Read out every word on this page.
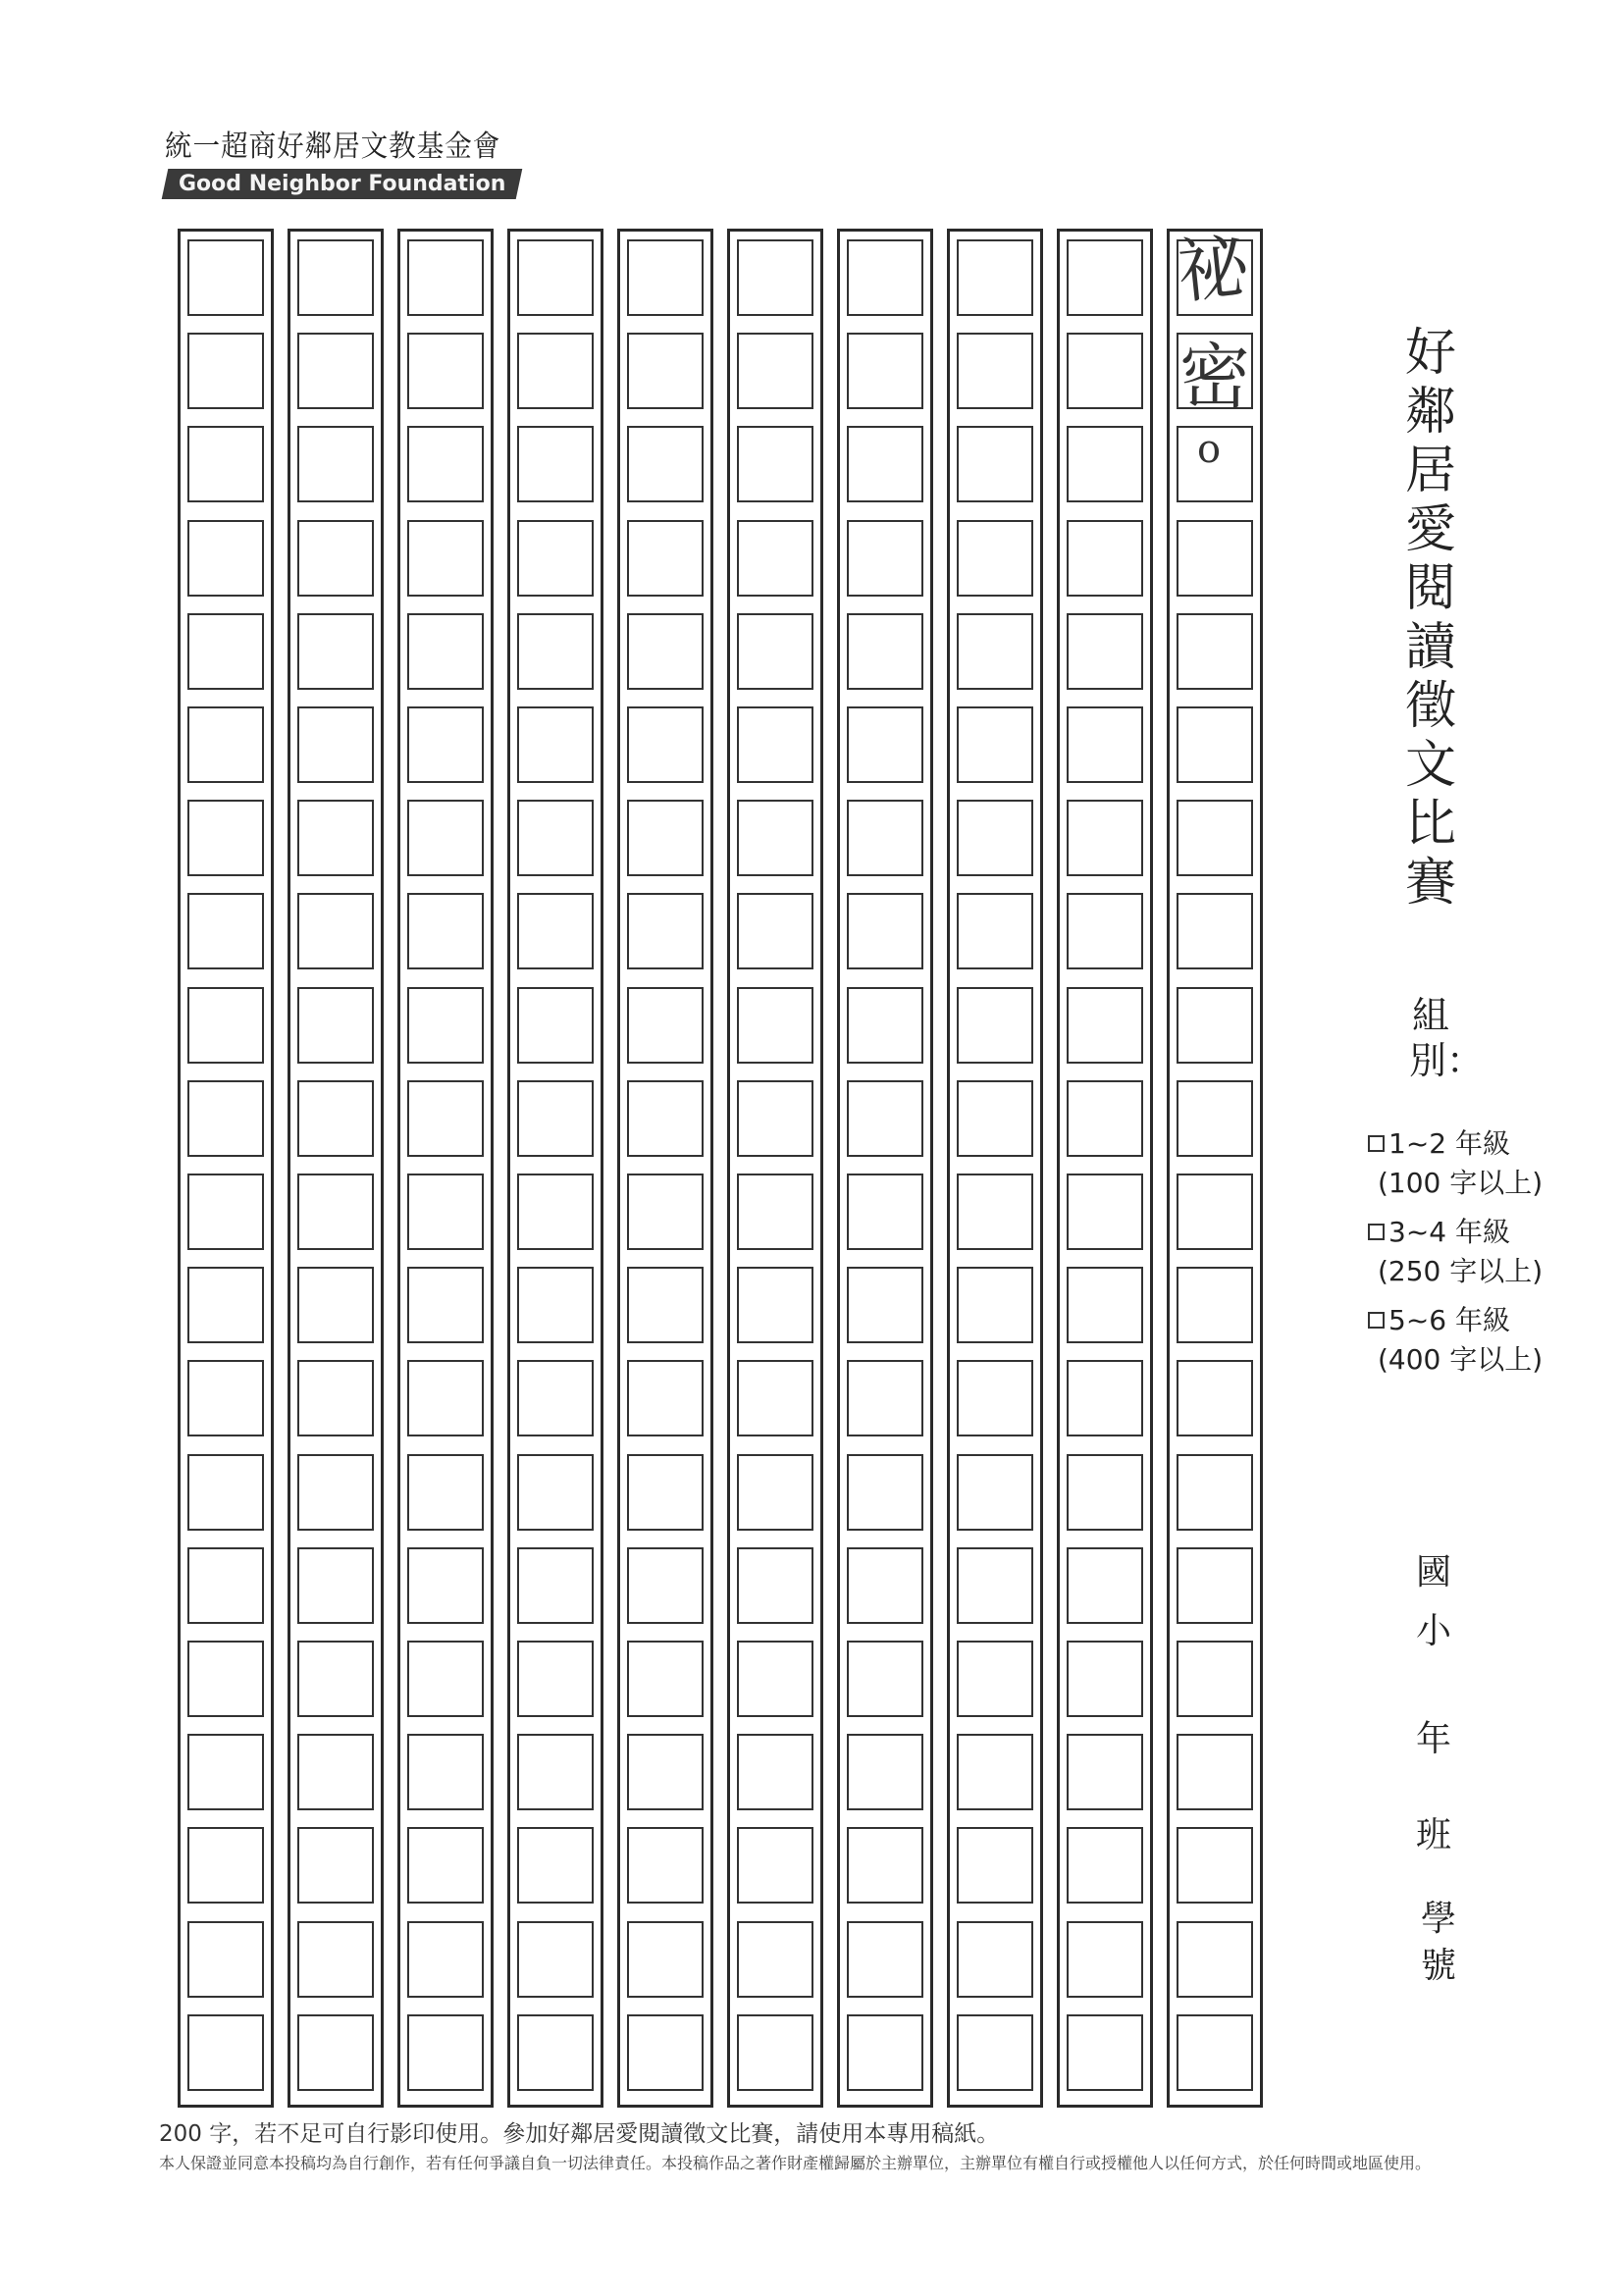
統一超商好鄰居文教基金會
Good Neighbor Foundation
祕
密
o
好鄰居愛閱讀徵文比賽
組別：
1~2 年級
(100 字以上)
3~4 年級
(250 字以上)
5~6 年級
(400 字以上)
國
小
年
班
學號
200 字，若不足可自行影印使用。參加好鄰居愛閱讀徵文比賽，請使用本專用稿紙。
本人保證並同意本投稿均為自行創作，若有任何爭議自負一切法律責任。本投稿作品之著作財產權歸屬於主辦單位，主辦單位有權自行或授權他人以任何方式，於任何時間或地區使用。
